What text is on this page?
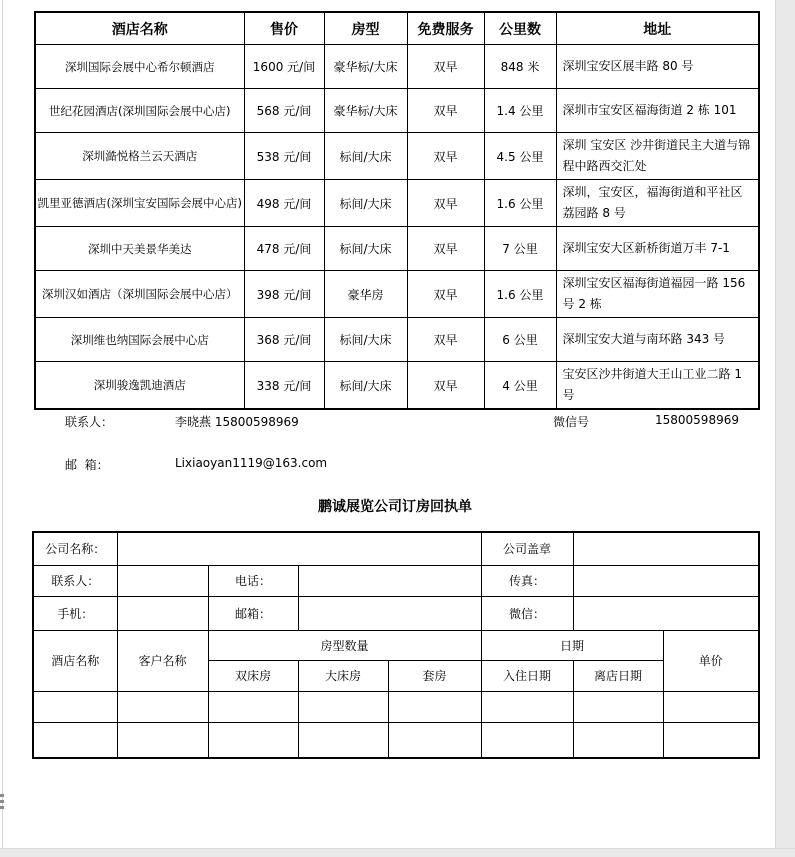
酒店名称	售价	房型	免费服务	公里数	地址
深圳国际会展中心希尔顿酒店	1600 元/间	豪华标/大床	双早	848 米	深圳宝安区展丰路 80 号
世纪花园酒店(深圳国际会展中心店)	568 元/间	豪华标/大床	双早	1.4 公里	深圳市宝安区福海街道 2 栋 101
深圳澔悦格兰云天酒店	538 元/间	标间/大床	双早	4.5 公里	深圳 宝安区 沙井街道民主大道与锦程中路西交汇处
凯里亚德酒店(深圳宝安国际会展中心店)	498 元/间	标间/大床	双早	1.6 公里	深圳，宝安区，福海街道和平社区荔园路 8 号
深圳中天美景华美达	478 元/间	标间/大床	双早	7 公里	深圳宝安大区新桥街道万丰 7-1
深圳汉如酒店（深圳国际会展中心店）	398 元/间	豪华房	双早	1.6 公里	深圳宝安区福海街道福园一路 156 号 2 栋
深圳维也纳国际会展中心店	368 元/间	标间/大床	双早	6 公里	深圳宝安大道与南环路 343 号
深圳骏逸凯迪酒店	338 元/间	标间/大床	双早	4 公里	宝安区沙井街道大王山工业二路 1 号
联系人：	李晓燕 15800598969	微信号	15800598969
邮  箱：	Lixiaoyan1119@163.com
鹏诚展览公司订房回执单
公司名称：					公司盖章		
联系人：		电话：			传真：		
手机：		邮箱：			微信：		
酒店名称	客户名称	房型数量			日期		单价
		双床房	大床房	套房	入住日期	离店日期	
